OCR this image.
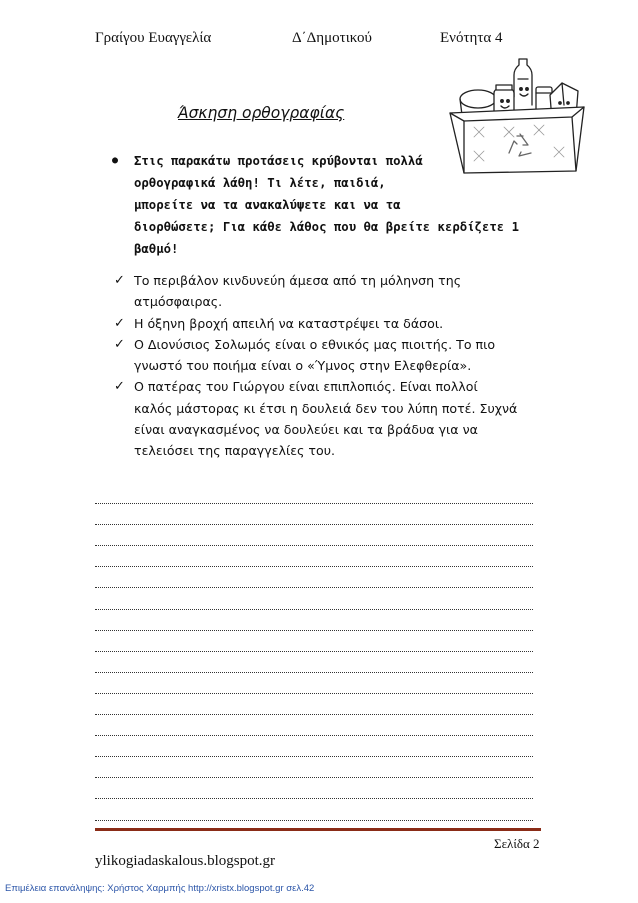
Γραίγου Ευαγγελία	Δ΄Δημοτικού	Ενότητα 4
Άσκηση ορθογραφίας
● Στις παρακάτω προτάσεις κρύβονται πολλά
ορθογραφικά λάθη! Τι λέτε, παιδιά,
μπορείτε να τα ανακαλύψετε και να τα
διορθώσετε; Για κάθε λάθος που θα βρείτε κερδίζετε 1
βαθμό!
✓ Το περιβάλον κινδυνεύη άμεσα από τη μόληνση της
ατμόσφαιρας.
✓ Η όξηνη βροχή απειλή να καταστρέψει τα δάσοι.
✓ Ο Διονύσιος Σολωμός είναι ο εθνικός μας πιοιτής. Το πιο
γνωστό του ποιήμα είναι ο «Ύμνος στην Ελεφθερία».
✓ Ο πατέρας του Γιώργου είναι επιπλοπιός. Είναι πολλοί
καλός μάστορας κι έτσι η δουλειά δεν του λύπη ποτέ. Συχνά
είναι αναγκασμένος να δουλεύει και τα βράδυα για να
τελειόσει της παραγγελίες του.
Σελίδα 2
ylikogiadaskalous.blogspot.gr
Επιμέλεια επανάληψης: Χρήστος Χαρμπής http://xristx.blogspot.gr σελ.42
